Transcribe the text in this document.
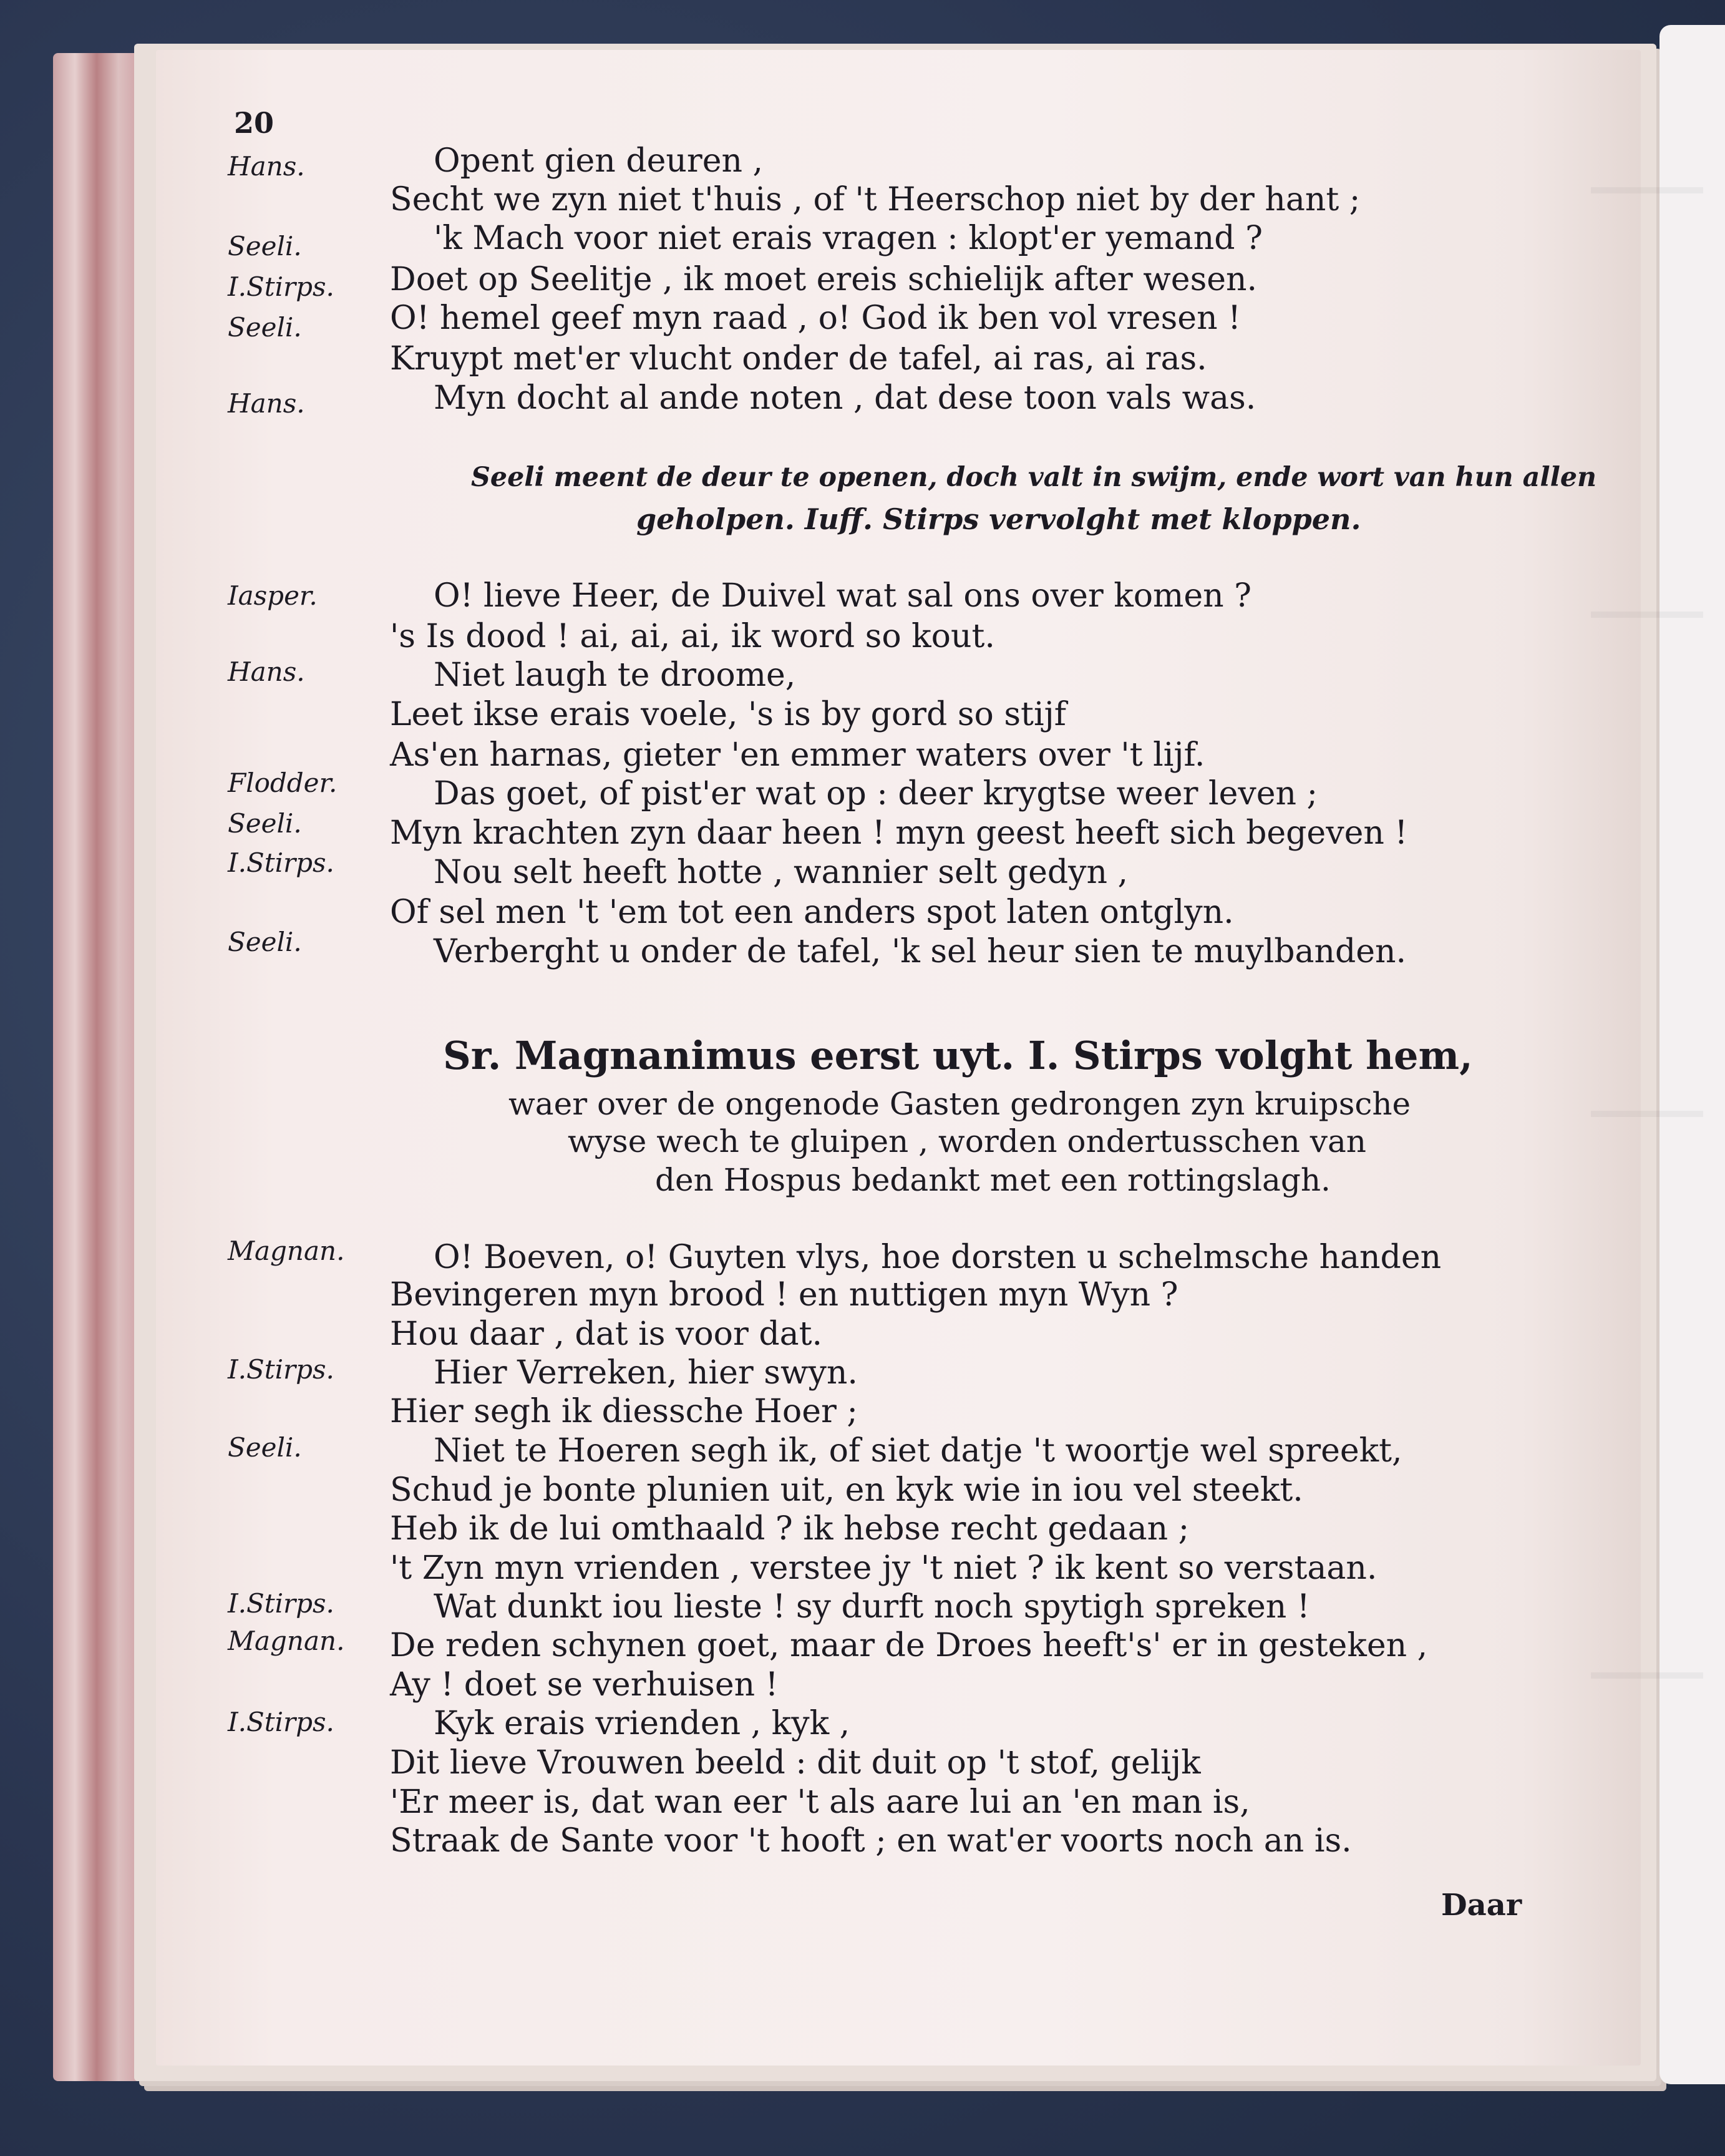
20
Hans.
Seeli.
I.Stirps.
Seeli.
Hans.
Iasper.
Hans.
Flodder.
Seeli.
I.Stirps.
Seeli.
Magnan.
I.Stirps.
Seeli.
I.Stirps.
Magnan.
I.Stirps.
Opent gien deuren ,
Secht we zyn niet t'huis , of 't Heerschop niet by der hant ;
'k Mach voor niet erais vragen : klopt'er yemand ?
Doet op Seelitje , ik moet ereis schielijk after wesen.
O! hemel geef myn raad , o! God ik ben vol vresen !
Kruypt met'er vlucht onder de tafel, ai ras, ai ras.
Myn docht al ande noten , dat dese toon vals was.
Seeli meent de deur te openen, doch valt in swijm, ende wort van hun allen
geholpen. Iuff. Stirps vervolght met kloppen.
O! lieve Heer, de Duivel wat sal ons over komen ?
's Is dood ! ai, ai, ai, ik word so kout.
Niet laugh te droome,
Leet ikse erais voele, 's is by gord so stijf
As'en harnas, gieter 'en emmer waters over 't lijf.
Das goet, of pist'er wat op : deer krygtse weer leven ;
Myn krachten zyn daar heen ! myn geest heeft sich begeven !
Nou selt heeft hotte , wannier selt gedyn ,
Of sel men 't 'em tot een anders spot laten ontglyn.
Verberght u onder de tafel, 'k sel heur sien te muylbanden.
Sr. Magnanimus eerst uyt. I. Stirps volght hem,
waer over de ongenode Gasten gedrongen zyn kruipsche
wyse wech te gluipen , worden ondertusschen van
den Hospus bedankt met een rottingslagh.
O! Boeven, o! Guyten vlys, hoe dorsten u schelmsche handen
Bevingeren myn brood ! en nuttigen myn Wyn ?
Hou daar , dat is voor dat.
Hier Verreken, hier swyn.
Hier segh ik diessche Hoer ;
Niet te Hoeren segh ik, of siet datje 't woortje wel spreekt,
Schud je bonte plunien uit, en kyk wie in iou vel steekt.
Heb ik de lui omthaald ? ik hebse recht gedaan ;
't Zyn myn vrienden , verstee jy 't niet ? ik kent so verstaan.
Wat dunkt iou lieste ! sy durft noch spytigh spreken !
De reden schynen goet, maar de Droes heeft's' er in gesteken ,
Ay ! doet se verhuisen !
Kyk erais vrienden , kyk ,
Dit lieve Vrouwen beeld : dit duit op 't stof, gelijk
'Er meer is, dat wan eer 't als aare lui an 'en man is,
Straak de Sante voor 't hooft ; en wat'er voorts noch an is.
Daar
